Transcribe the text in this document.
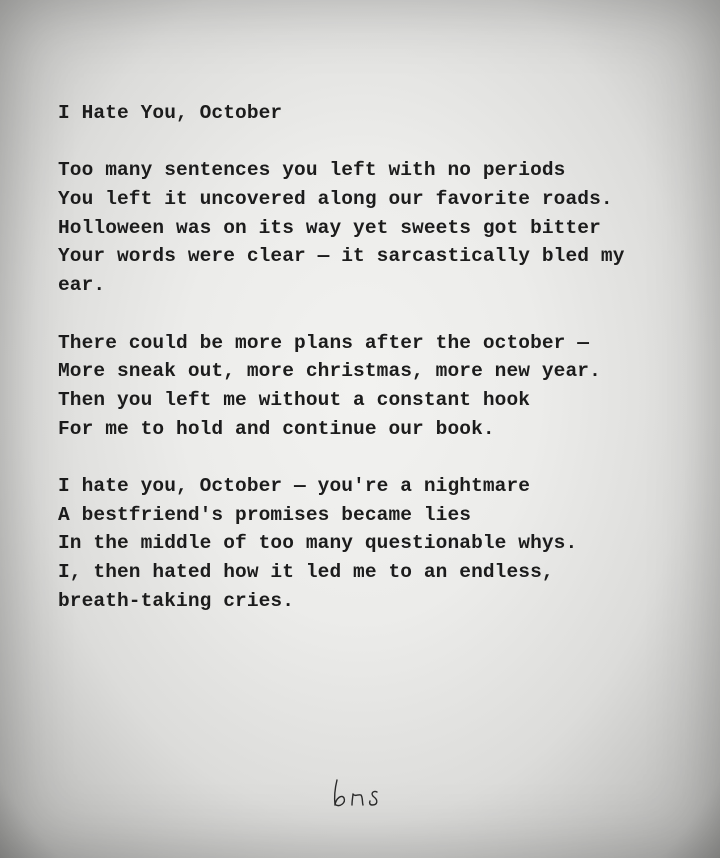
I Hate You, October
Too many sentences you left with no periods
You left it uncovered along our favorite roads.
Holloween was on its way yet sweets got bitter
Your words were clear — it sarcastically bled my
ear.
There could be more plans after the october —
More sneak out, more christmas, more new year.
Then you left me without a constant hook
For me to hold and continue our book.
I hate you, October — you're a nightmare
A bestfriend's promises became lies
In the middle of too many questionable whys.
I, then hated how it led me to an endless,
breath-taking cries.
